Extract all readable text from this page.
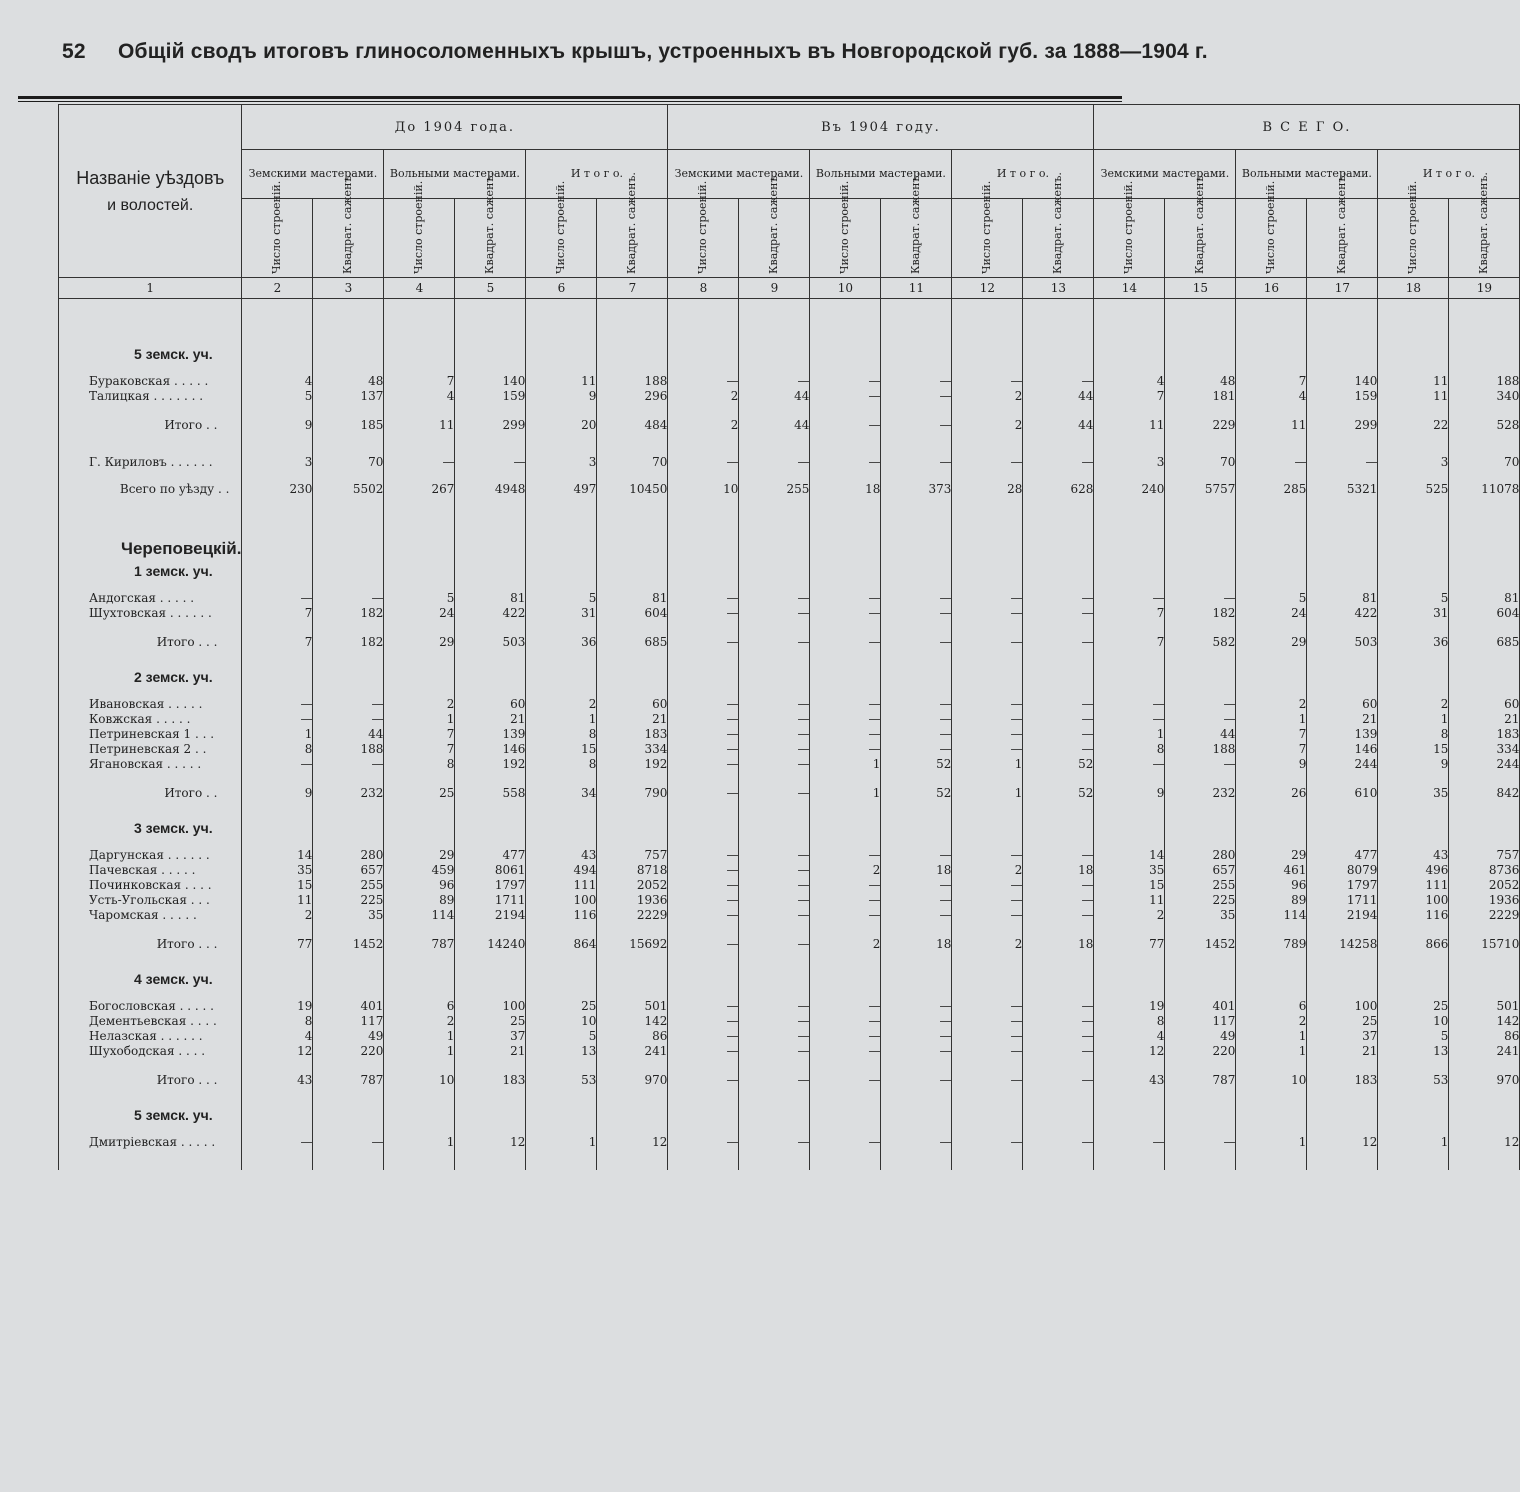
52 Общій сводъ итоговъ глиносоломенныхъ крышъ, устроенныхъ въ Новгородской губ. за 1888—1904 г.
Названіе уѣздовъ
и волостей.	До 1904 года.						Въ 1904 году.						В С Е Г О.					
	Земскими мастерами.		Вольными мастерами.		И т о г о.		Земскими мастерами.		Вольными мастерами.		И т о г о.		Земскими мастерами.		Вольными мастерами.		И т о г о.	
	Число строеній.	Квадрат. саженъ.	Число строеній.	Квадрат. саженъ.	Число строеній.	Квадрат. саженъ.	Число строеній.	Квадрат. саженъ.	Число строеній.	Квадрат. саженъ.	Число строеній.	Квадрат. саженъ.	Число строеній.	Квадрат. саженъ.	Число строеній.	Квадрат. саженъ.	Число строеній.	Квадрат. саженъ.
1	2	3	4	5	6	7	8	9	10	11	12	13	14	15	16	17	18	19

5 земск. уч.																		

Бураковская . . . . .	4	48	7	140	11	188	—	—	—	—	—	—	4	48	7	140	11	188
Талицкая . . . . . . .	5	137	4	159	9	296	2	44	—	—	2	44	7	181	4	159	11	340

Итого . .	9	185	11	299	20	484	2	44	—	—	2	44	11	229	11	299	22	528

Г. Кириловъ . . . . . .	3	70	—	—	3	70	—	—	—	—	—	—	3	70	—	—	3	70

Всего по уѣзду . .	230	5502	267	4948	497	10450	10	255	18	373	28	628	240	5757	285	5321	525	11078

Череповецкій.																		

1 земск. уч.																		

Андогская . . . . .	—	—	5	81	5	81	—	—	—	—	—	—	—	—	5	81	5	81
Шухтовская . . . . . .	7	182	24	422	31	604	—	—	—	—	—	—	7	182	24	422	31	604

Итого . . .	7	182	29	503	36	685	—	—	—	—	—	—	7	582	29	503	36	685

2 земск. уч.																		

Ивановская . . . . .	—	—	2	60	2	60	—	—	—	—	—	—	—	—	2	60	2	60
Ковжская . . . . .	—	—	1	21	1	21	—	—	—	—	—	—	—	—	1	21	1	21
Петриневская 1 . . .	1	44	7	139	8	183	—	—	—	—	—	—	1	44	7	139	8	183
Петриневская 2 . .	8	188	7	146	15	334	—	—	—	—	—	—	8	188	7	146	15	334
Ягановская . . . . .	—	—	8	192	8	192	—	—	1	52	1	52	—	—	9	244	9	244

Итого . .	9	232	25	558	34	790	—	—	1	52	1	52	9	232	26	610	35	842

3 земск. уч.																		

Даргунская . . . . . .	14	280	29	477	43	757	—	—	—	—	—	—	14	280	29	477	43	757
Пачевская . . . . .	35	657	459	8061	494	8718	—	—	2	18	2	18	35	657	461	8079	496	8736
Починковская . . . .	15	255	96	1797	111	2052	—	—	—	—	—	—	15	255	96	1797	111	2052
Усть-Угольская . . .	11	225	89	1711	100	1936	—	—	—	—	—	—	11	225	89	1711	100	1936
Чаромская . . . . .	2	35	114	2194	116	2229	—	—	—	—	—	—	2	35	114	2194	116	2229

Итого . . .	77	1452	787	14240	864	15692	—	—	2	18	2	18	77	1452	789	14258	866	15710

4 земск. уч.																		

Богословская . . . . .	19	401	6	100	25	501	—	—	—	—	—	—	19	401	6	100	25	501
Дементьевская . . . .	8	117	2	25	10	142	—	—	—	—	—	—	8	117	2	25	10	142
Нелазская . . . . . .	4	49	1	37	5	86	—	—	—	—	—	—	4	49	1	37	5	86
Шухободская . . . .	12	220	1	21	13	241	—	—	—	—	—	—	12	220	1	21	13	241

Итого . . .	43	787	10	183	53	970	—	—	—	—	—	—	43	787	10	183	53	970

5 земск. уч.																		

Дмитріевская . . . . .	—	—	1	12	1	12	—	—	—	—	—	—	—	—	1	12	1	12
